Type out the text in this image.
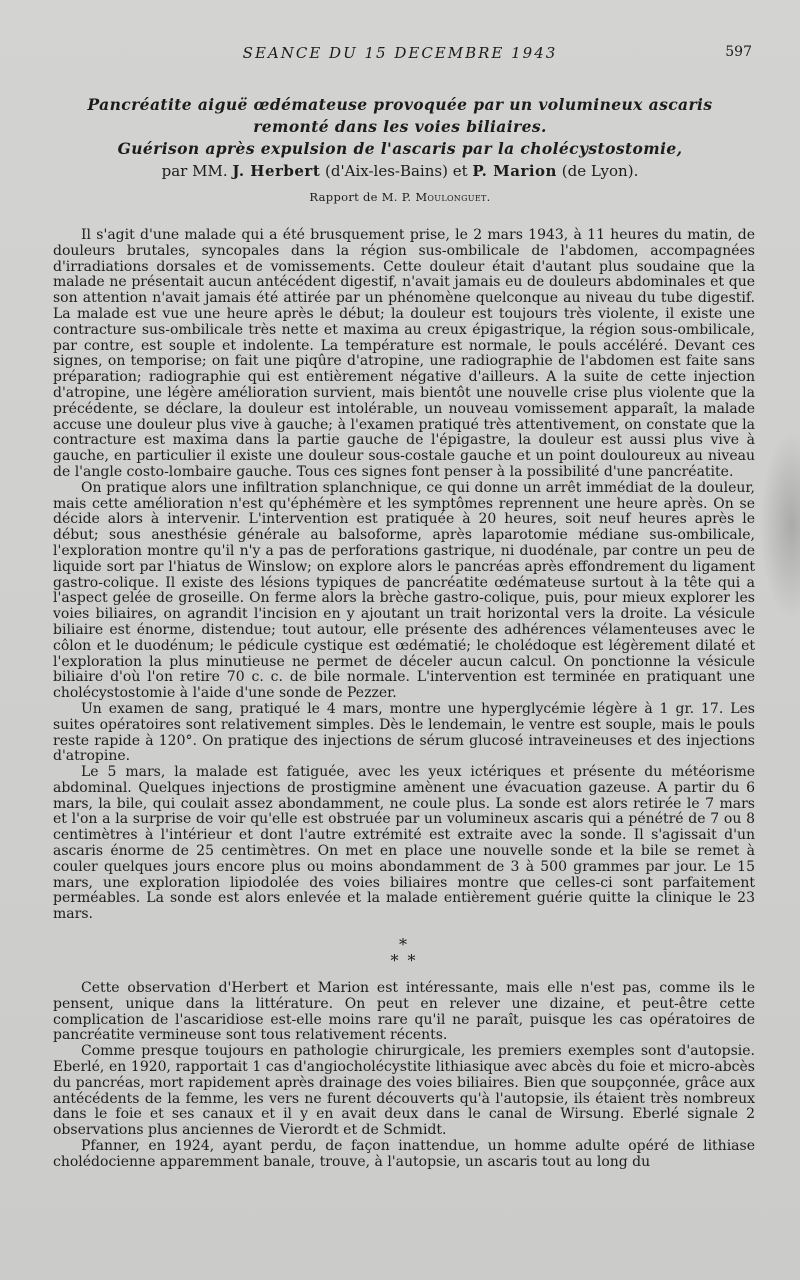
SEANCE DU 15 DECEMBRE 1943	597
Pancréatite aiguë œdémateuse provoquée par un volumineux ascaris
remonté dans les voies biliaires.
Guérison après expulsion de l'ascaris par la cholécystostomie,
par MM. J. Herbert (d'Aix-les-Bains) et P. Marion (de Lyon).
Rapport de M. P. Moulonguet.

Il s'agit d'une malade qui a été brusquement prise, le 2 mars 1943, à 11 heures du matin, de douleurs brutales, syncopales dans la région sus-ombilicale de l'abdomen, accompagnées d'irradiations dorsales et de vomissements. Cette douleur était d'autant plus soudaine que la malade ne présentait aucun antécédent digestif, n'avait jamais eu de douleurs abdominales et que son attention n'avait jamais été attirée par un phénomène quelconque au niveau du tube digestif. La malade est vue une heure après le début; la douleur est toujours très violente, il existe une contracture sus-ombilicale très nette et maxima au creux épigastrique, la région sous-ombilicale, par contre, est souple et indolente. La température est normale, le pouls accéléré. Devant ces signes, on temporise; on fait une piqûre d'atropine, une radiographie de l'abdomen est faite sans préparation; radiographie qui est entièrement négative d'ailleurs. A la suite de cette injection d'atropine, une légère amélioration survient, mais bientôt une nouvelle crise plus violente que la précédente, se déclare, la douleur est intolérable, un nouveau vomissement apparaît, la malade accuse une douleur plus vive à gauche; à l'examen pratiqué très attentivement, on constate que la contracture est maxima dans la partie gauche de l'épigastre, la douleur est aussi plus vive à gauche, en particulier il existe une douleur sous-costale gauche et un point douloureux au niveau de l'angle costo-lombaire gauche. Tous ces signes font penser à la possibilité d'une pancréatite.

On pratique alors une infiltration splanchnique, ce qui donne un arrêt immédiat de la douleur, mais cette amélioration n'est qu'éphémère et les symptômes reprennent une heure après. On se décide alors à intervenir. L'intervention est pratiquée à 20 heures, soit neuf heures après le début; sous anesthésie générale au balsoforme, après laparotomie médiane sus-ombilicale, l'exploration montre qu'il n'y a pas de perforations gastrique, ni duodénale, par contre un peu de liquide sort par l'hiatus de Winslow; on explore alors le pancréas après effondrement du ligament gastro-colique. Il existe des lésions typiques de pancréatite œdémateuse surtout à la tête qui a l'aspect gelée de groseille. On ferme alors la brèche gastro-colique, puis, pour mieux explorer les voies biliaires, on agrandit l'incision en y ajoutant un trait horizontal vers la droite. La vésicule biliaire est énorme, distendue; tout autour, elle présente des adhérences vélamenteuses avec le côlon et le duodénum; le pédicule cystique est œdématié; le cholédoque est légèrement dilaté et l'exploration la plus minutieuse ne permet de déceler aucun calcul. On ponctionne la vésicule biliaire d'où l'on retire 70 c. c. de bile normale. L'intervention est terminée en pratiquant une cholécystostomie à l'aide d'une sonde de Pezzer.

Un examen de sang, pratiqué le 4 mars, montre une hyperglycémie légère à 1 gr. 17. Les suites opératoires sont relativement simples. Dès le lendemain, le ventre est souple, mais le pouls reste rapide à 120°. On pratique des injections de sérum glucosé intraveineuses et des injections d'atropine.

Le 5 mars, la malade est fatiguée, avec les yeux ictériques et présente du météorisme abdominal. Quelques injections de prostigmine amènent une évacuation gazeuse. A partir du 6 mars, la bile, qui coulait assez abondamment, ne coule plus. La sonde est alors retirée le 7 mars et l'on a la surprise de voir qu'elle est obstruée par un volumineux ascaris qui a pénétré de 7 ou 8 centimètres à l'intérieur et dont l'autre extrémité est extraite avec la sonde. Il s'agissait d'un ascaris énorme de 25 centimètres. On met en place une nouvelle sonde et la bile se remet à couler quelques jours encore plus ou moins abondamment de 3 à 500 grammes par jour. Le 15 mars, une exploration lipiodolée des voies biliaires montre que celles-ci sont parfaitement perméables. La sonde est alors enlevée et la malade entièrement guérie quitte la clinique le 23 mars.

*
* *

Cette observation d'Herbert et Marion est intéressante, mais elle n'est pas, comme ils le pensent, unique dans la littérature. On peut en relever une dizaine, et peut-être cette complication de l'ascaridiose est-elle moins rare qu'il ne paraît, puisque les cas opératoires de pancréatite vermineuse sont tous relativement récents.

Comme presque toujours en pathologie chirurgicale, les premiers exemples sont d'autopsie. Eberlé, en 1920, rapportait 1 cas d'angiocholécystite lithiasique avec abcès du foie et micro-abcès du pancréas, mort rapidement après drainage des voies biliaires. Bien que soupçonnée, grâce aux antécédents de la femme, les vers ne furent découverts qu'à l'autopsie, ils étaient très nombreux dans le foie et ses canaux et il y en avait deux dans le canal de Wirsung. Eberlé signale 2 observations plus anciennes de Vierordt et de Schmidt.

Pfanner, en 1924, ayant perdu, de façon inattendue, un homme adulte opéré de lithiase cholédocienne apparemment banale, trouve, à l'autopsie, un ascaris tout au long du
